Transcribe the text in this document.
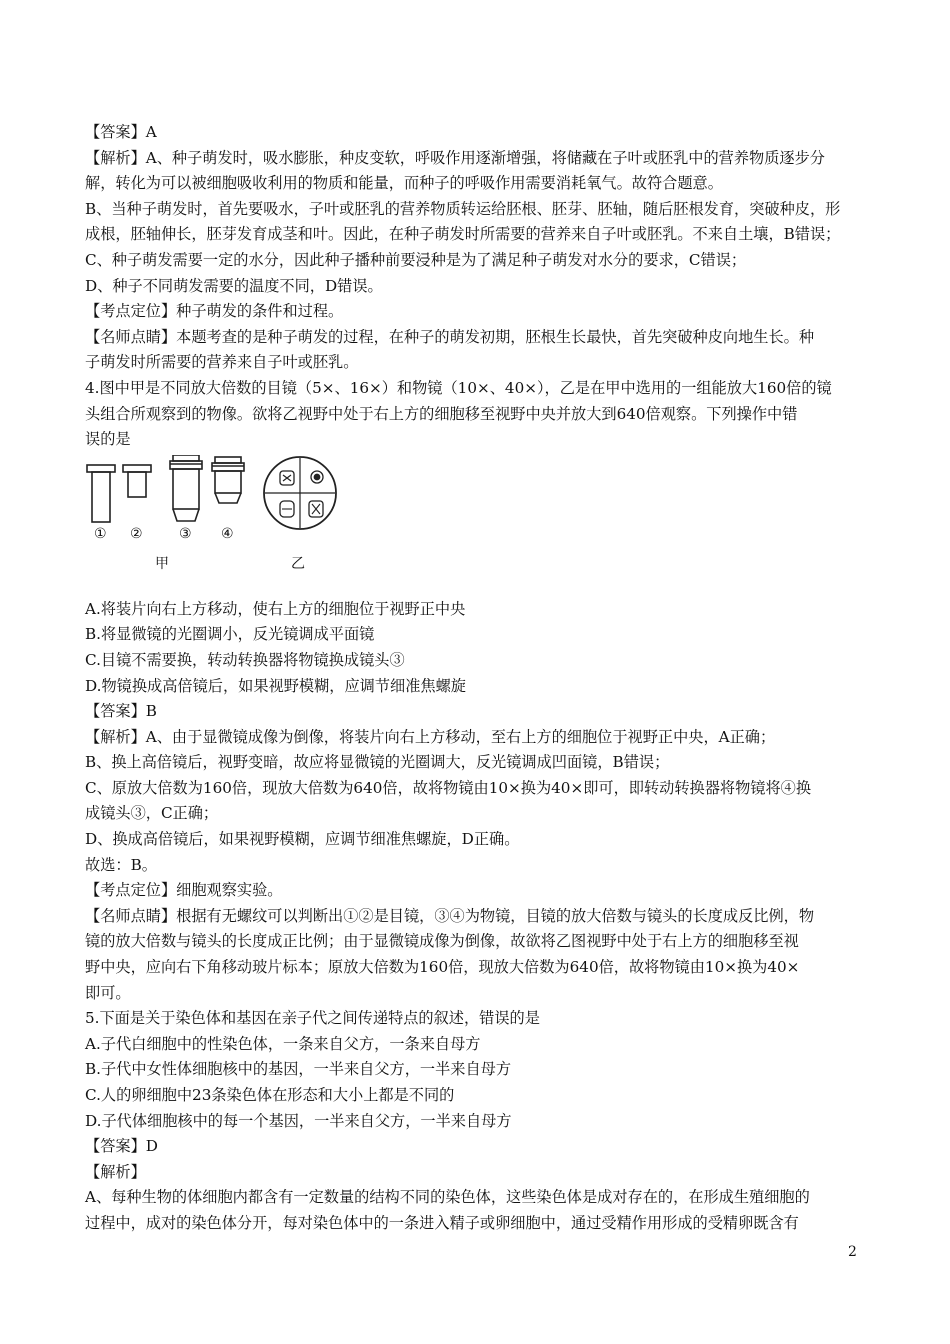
【答案】A
【解析】A、种子萌发时，吸水膨胀，种皮变软，呼吸作用逐渐增强，将储藏在子叶或胚乳中的营养物质逐步分
解，转化为可以被细胞吸收利用的物质和能量，而种子的呼吸作用需要消耗氧气。故符合题意。
B、当种子萌发时，首先要吸水，子叶或胚乳的营养物质转运给胚根、胚芽、胚轴，随后胚根发育，突破种皮，形
成根，胚轴伸长，胚芽发育成茎和叶。因此，在种子萌发时所需要的营养来自子叶或胚乳。不来自土壤，B错误；
C、种子萌发需要一定的水分，因此种子播种前要浸种是为了满足种子萌发对水分的要求，C错误；
D、种子不同萌发需要的温度不同，D错误。
【考点定位】种子萌发的条件和过程。
【名师点睛】本题考查的是种子萌发的过程，在种子的萌发初期，胚根生长最快，首先突破种皮向地生长。种
子萌发时所需要的营养来自子叶或胚乳。
4.图中甲是不同放大倍数的目镜（5×、16×）和物镜（10×、40×），乙是在甲中选用的一组能放大160倍的镜
头组合所观察到的物像。欲将乙视野中处于右上方的细胞移至视野中央并放大到640倍观察。下列操作中错
误的是
① ②	③ ④
甲	乙
A.将装片向右上方移动，使右上方的细胞位于视野正中央
B.将显微镜的光圈调小，反光镜调成平面镜
C.目镜不需要换，转动转换器将物镜换成镜头③
D.物镜换成高倍镜后，如果视野模糊，应调节细准焦螺旋
【答案】B
【解析】A、由于显微镜成像为倒像，将装片向右上方移动，至右上方的细胞位于视野正中央，A正确；
B、换上高倍镜后，视野变暗，故应将显微镜的光圈调大，反光镜调成凹面镜，B错误；
C、原放大倍数为160倍，现放大倍数为640倍，故将物镜由10×换为40×即可，即转动转换器将物镜将④换
成镜头③，C正确；
D、换成高倍镜后，如果视野模糊，应调节细准焦螺旋，D正确。
故选：B。
【考点定位】细胞观察实验。
【名师点睛】根据有无螺纹可以判断出①②是目镜，③④为物镜，目镜的放大倍数与镜头的长度成反比例，物
镜的放大倍数与镜头的长度成正比例；由于显微镜成像为倒像，故欲将乙图视野中处于右上方的细胞移至视
野中央，应向右下角移动玻片标本；原放大倍数为160倍，现放大倍数为640倍，故将物镜由10×换为40×
即可。
5.下面是关于染色体和基因在亲子代之间传递特点的叙述，错误的是
A.子代白细胞中的性染色体，一条来自父方，一条来自母方
B.子代中女性体细胞核中的基因，一半来自父方，一半来自母方
C.人的卵细胞中23条染色体在形态和大小上都是不同的
D.子代体细胞核中的每一个基因，一半来自父方，一半来自母方
【答案】D
【解析】
A、每种生物的体细胞内都含有一定数量的结构不同的染色体，这些染色体是成对存在的，在形成生殖细胞的
过程中，成对的染色体分开，每对染色体中的一条进入精子或卵细胞中，通过受精作用形成的受精卵既含有
2
